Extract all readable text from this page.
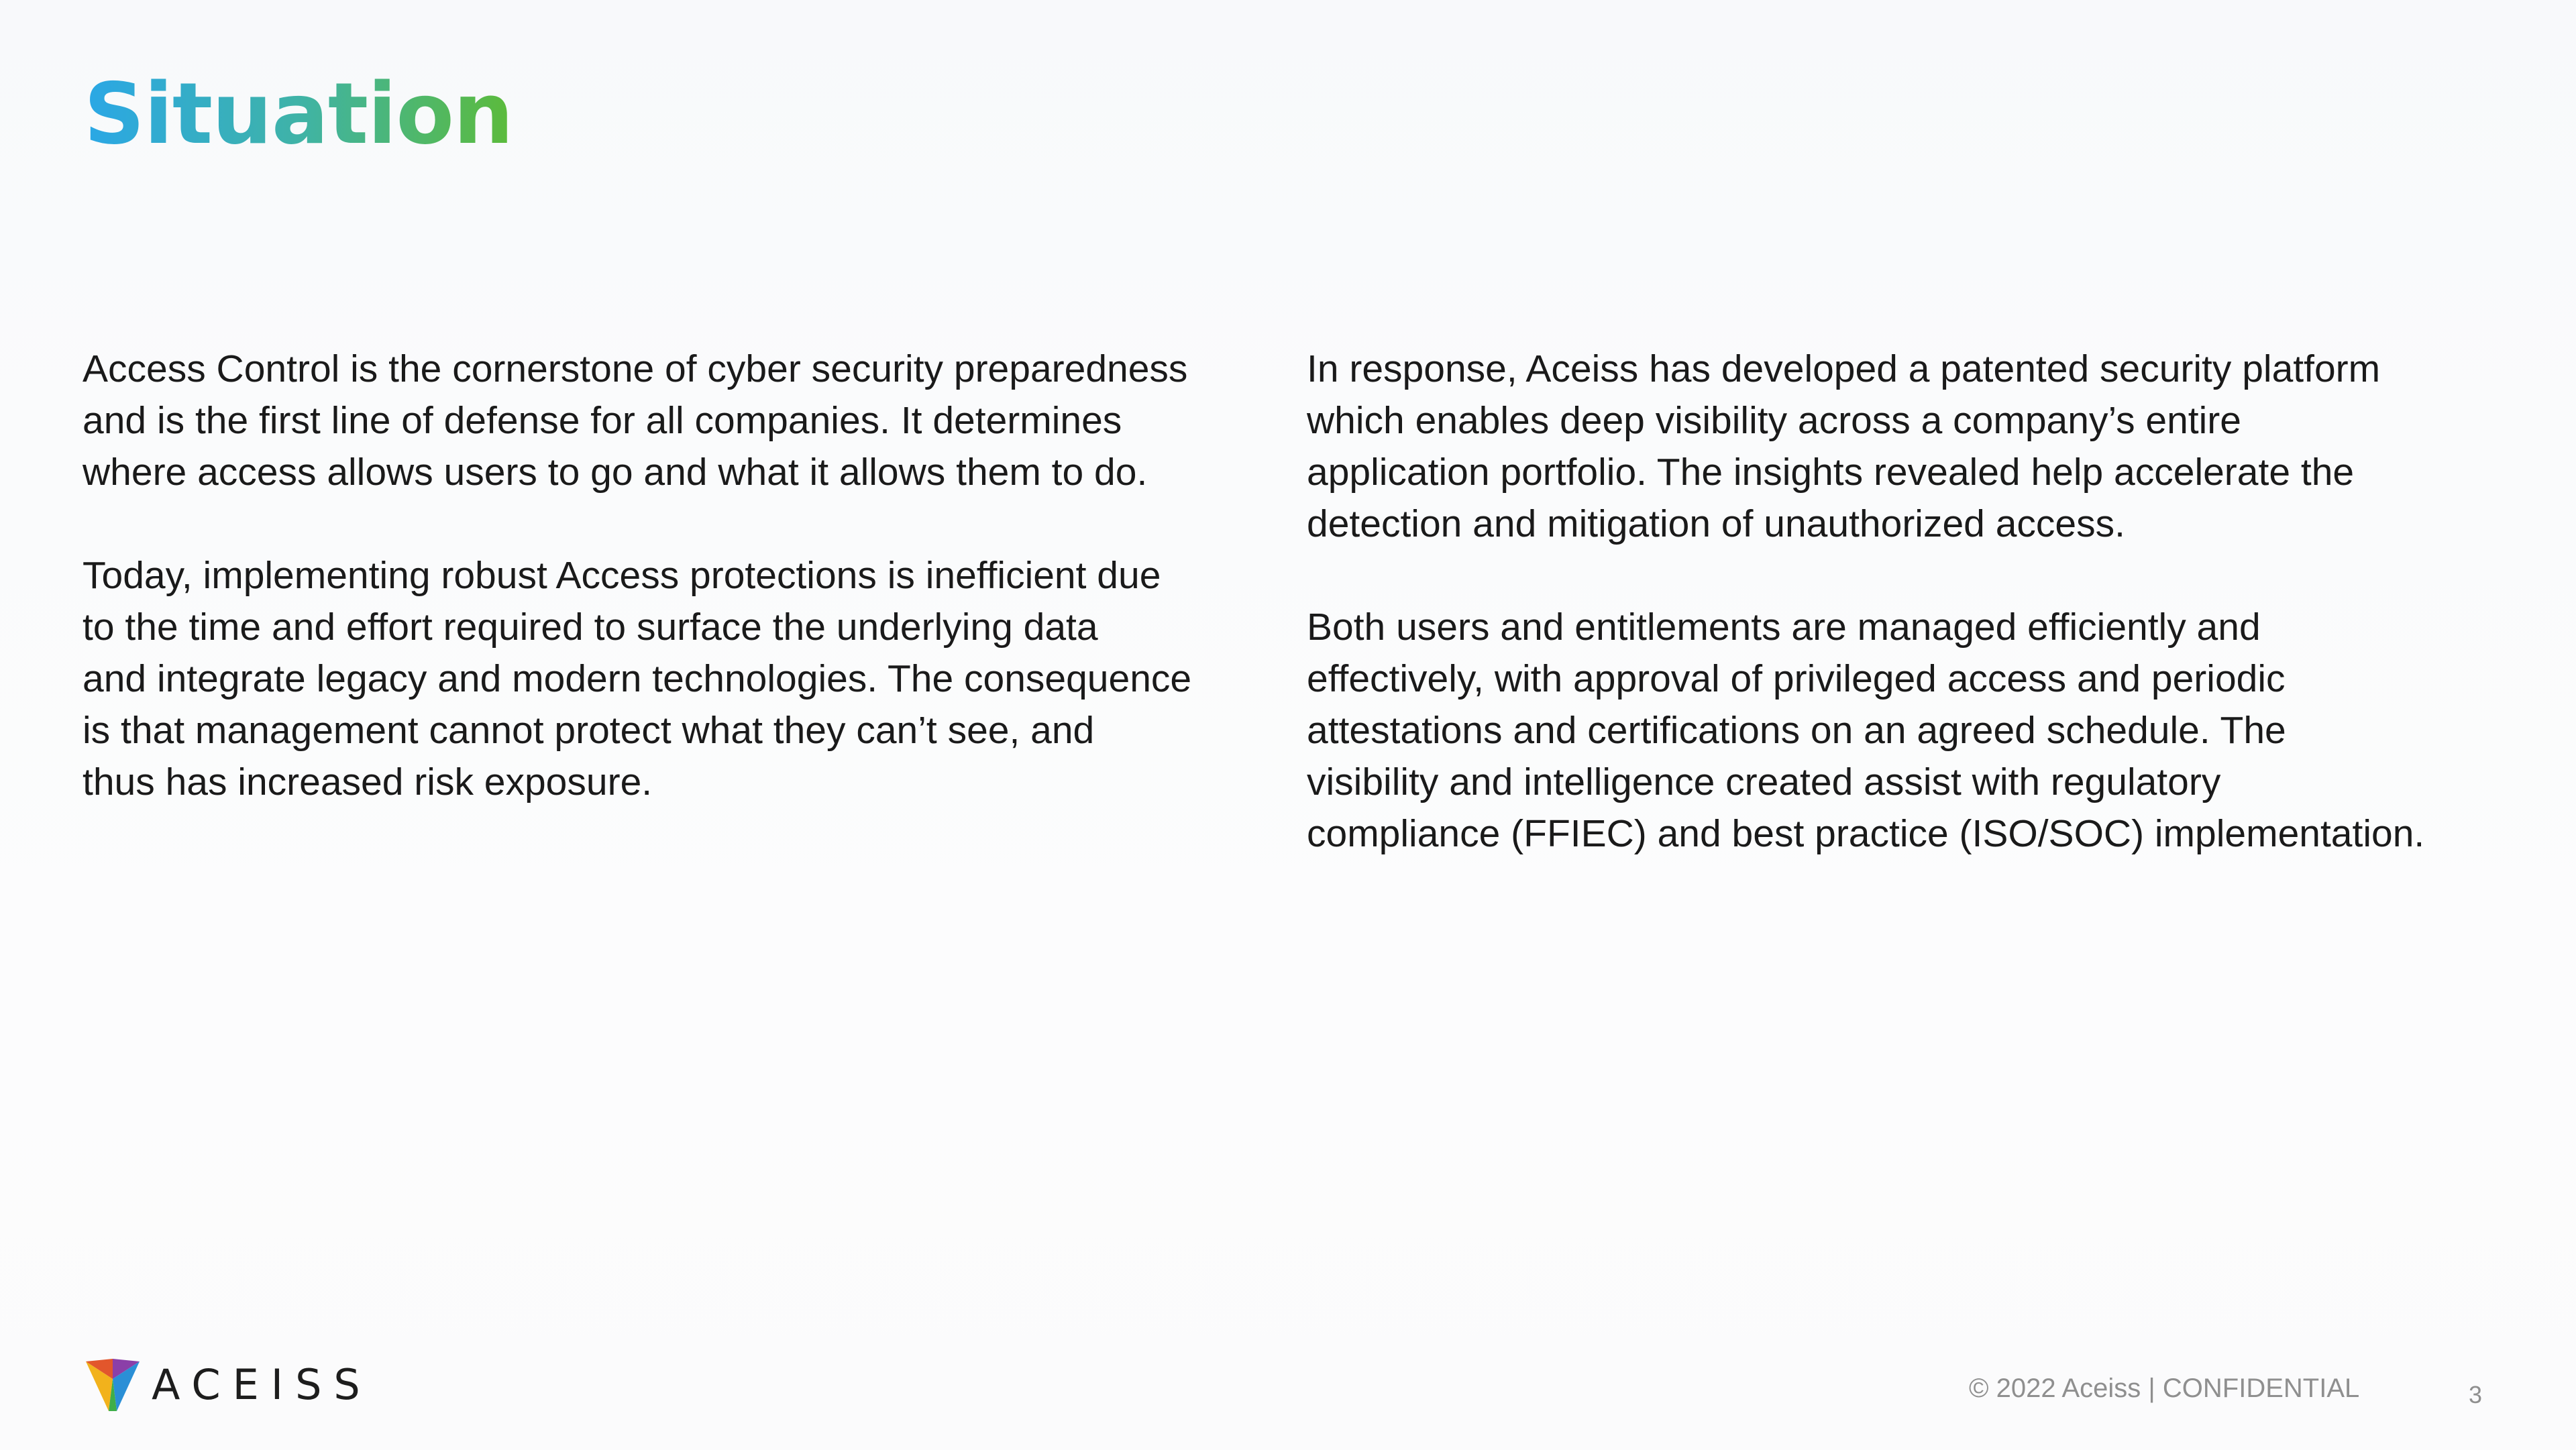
Situation

Access Control is the cornerstone of cyber security preparedness
and is the first line of defense for all companies. It determines
where access allows users to go and what it allows them to do.

Today, implementing robust Access protections is inefficient due
to the time and effort required to surface the underlying data
and integrate legacy and modern technologies. The consequence
is that management cannot protect what they can’t see, and
thus has increased risk exposure.

In response, Aceiss has developed a patented security platform
which enables deep visibility across a company’s entire
application portfolio. The insights revealed help accelerate the
detection and mitigation of unauthorized access.

Both users and entitlements are managed efficiently and
effectively, with approval of privileged access and periodic
attestations and certifications on an agreed schedule. The
visibility and intelligence created assist with regulatory
compliance (FFIEC) and best practice (ISO/SOC) implementation.

ACEISS	© 2022 Aceiss | CONFIDENTIAL	3
